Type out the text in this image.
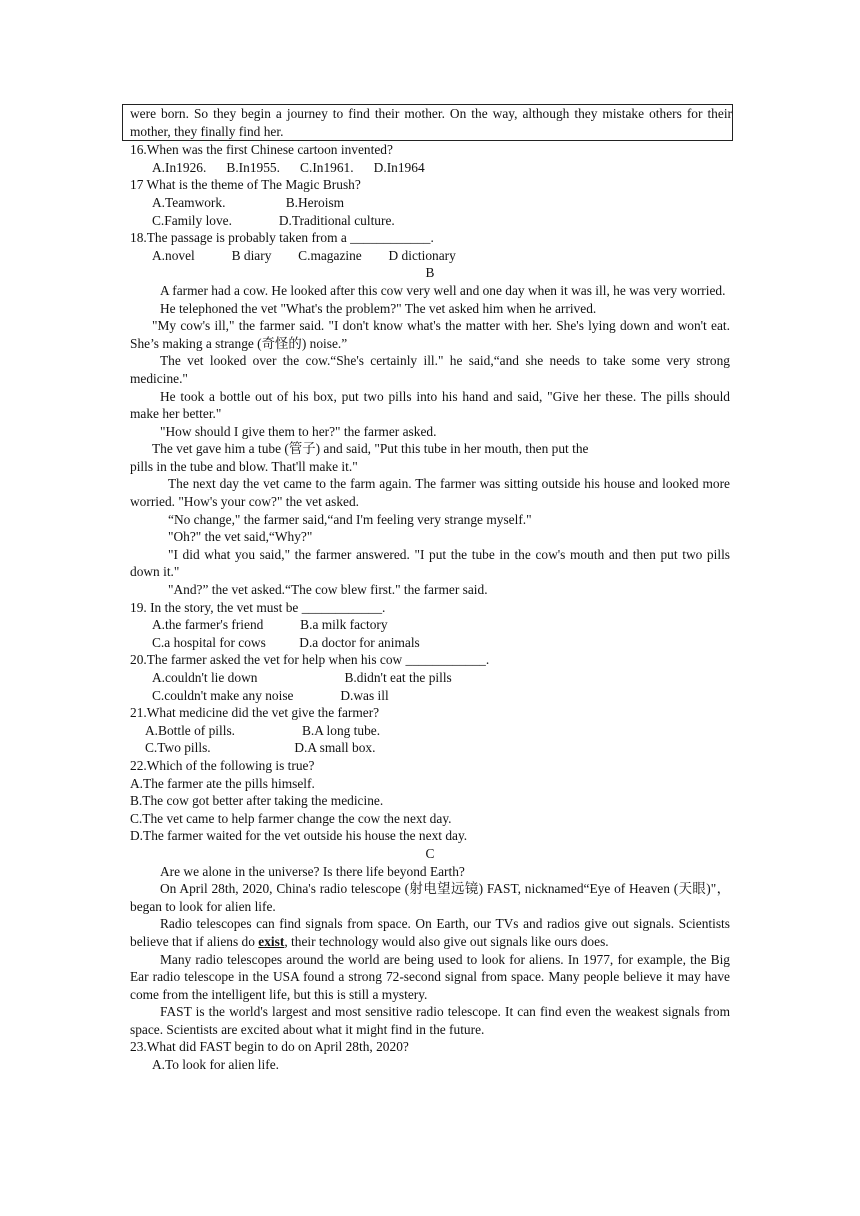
were born. So they begin a journey to find their mother. On the way, although they mistake others for their mother, they finally find her.

16.When was the first Chinese cartoon invented?

A.In1926.      B.In1955.      C.In1961.      D.In1964

17 What is the theme of The Magic Brush?

A.Teamwork.                  B.Heroism

C.Family love.              D.Traditional culture.

18.The passage is probably taken from a ____________.

A.novel           B diary        C.magazine        D dictionary

B

A farmer had a cow. He looked after this cow very well and one day when it was ill, he was very worried.

He telephoned the vet "What's the problem?" The vet asked him when he arrived.

"My cow's ill," the farmer said. "I don't know what's the matter with her. She's lying down and won't eat. She’s making a strange (奇怪的) noise.”

The vet looked over the cow.“She's certainly ill." he said,“and she needs to take some very strong medicine."

He took a bottle out of his box, put two pills into his hand and said, "Give her these. The pills should make her better."

"How should I give them to her?" the farmer asked.

The vet gave him a tube (管子) and said, "Put this tube in her mouth, then put the

pills in the tube and blow. That'll make it."

The next day the vet came to the farm again. The farmer was sitting outside his house and looked more worried. "How's your cow?" the vet asked.

“No change," the farmer said,“and I'm feeling very strange myself."

"Oh?" the vet said,“Why?"

"I did what you said," the farmer answered. "I put the tube in the cow's mouth and then put two pills down it."

"And?” the vet asked.“The cow blew first." the farmer said.

19. In the story, the vet must be ____________.

A.the farmer's friend           B.a milk factory

C.a hospital for cows          D.a doctor for animals

20.The farmer asked the vet for help when his cow ____________.

A.couldn't lie down                          B.didn't eat the pills

C.couldn't make any noise              D.was ill

21.What medicine did the vet give the farmer?

A.Bottle of pills.                    B.A long tube.

C.Two pills.                         D.A small box.

22.Which of the following is true?

A.The farmer ate the pills himself.

B.The cow got better after taking the medicine.

C.The vet came to help farmer change the cow the next day.

D.The farmer waited for the vet outside his house the next day.

C

Are we alone in the universe? Is there life beyond Earth?

On April 28th, 2020, China's radio telescope (射电望远镜) FAST, nicknamed“Eye of Heaven (天眼)"，began to look for alien life.

Radio telescopes can find signals from space. On Earth, our TVs and radios give out signals. Scientists believe that if aliens do exist, their technology would also give out signals like ours does.

Many radio telescopes around the world are being used to look for aliens. In 1977, for example, the Big Ear radio telescope in the USA found a strong 72-second signal from space. Many people believe it may have come from the intelligent life, but this is still a mystery.

FAST is the world's largest and most sensitive radio telescope. It can find even the weakest signals from space. Scientists are excited about what it might find in the future.

23.What did FAST begin to do on April 28th, 2020?

A.To look for alien life.
